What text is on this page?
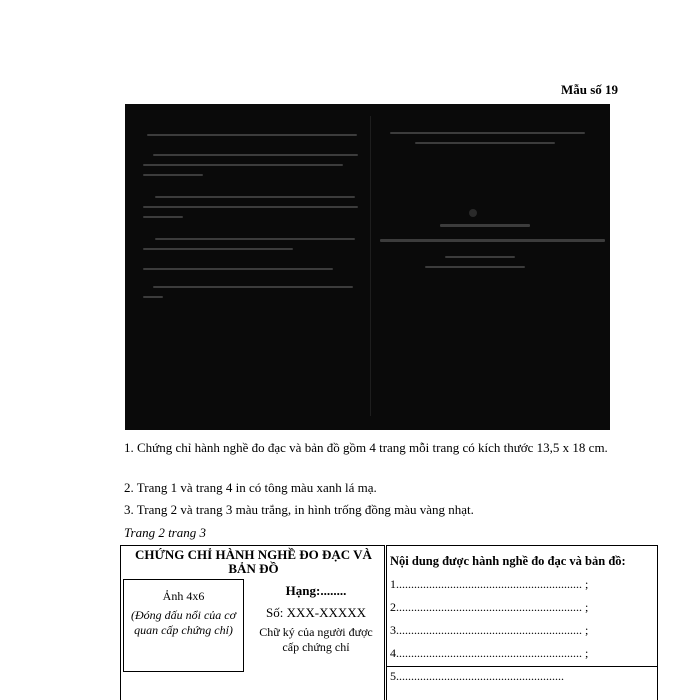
Mẫu số 19
1. Chứng chỉ hành nghề đo đạc và bản đồ gồm 4 trang mỗi trang có kích thước 13,5 x 18 cm.
2. Trang 1 và trang 4 in có tông màu xanh lá mạ.
3. Trang 2 và trang 3 màu trắng, in hình trống đồng màu vàng nhạt.
Trang 2 trang 3
CHỨNG CHỈ HÀNH NGHỀ ĐO ĐẠC VÀ BẢN ĐỒ
Ảnh 4x6
(Đóng dấu nổi của cơ quan cấp chứng chỉ)
Hạng:........
Số: XXX-XXXXX
Chữ ký của người được cấp chứng chỉ
Nội dung được hành nghề đo đạc và bản đồ:
1.............................................................. ;
2.............................................................. ;
3.............................................................. ;
4.............................................................. ;
5........................................................
